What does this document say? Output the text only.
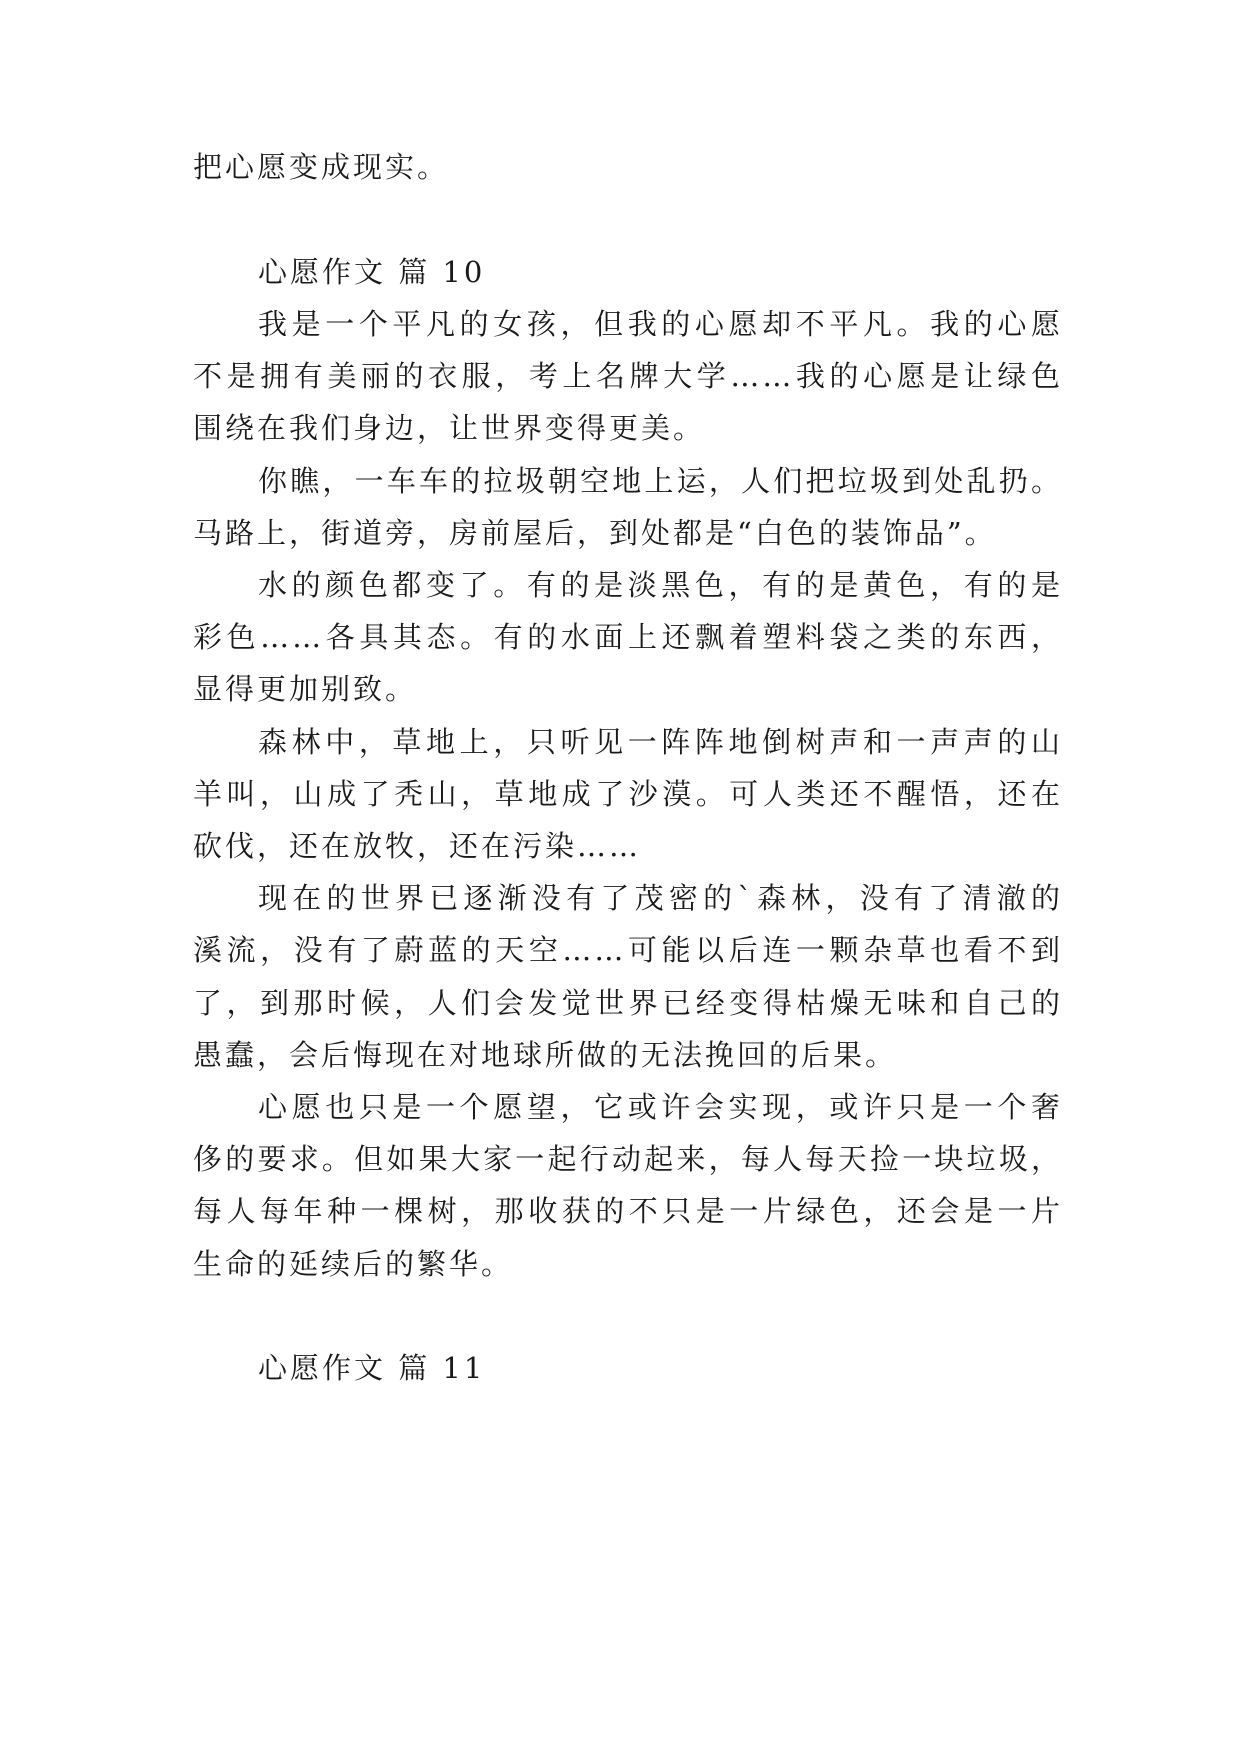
把心愿变成现实。
心愿作文 篇 10
我是一个平凡的女孩，但我的心愿却不平凡。我的心愿
不是拥有美丽的衣服，考上名牌大学……我的心愿是让绿色
围绕在我们身边，让世界变得更美。
你瞧，一车车的拉圾朝空地上运，人们把垃圾到处乱扔。
马路上，街道旁，房前屋后，到处都是“白色的装饰品”。
水的颜色都变了。有的是淡黑色，有的是黄色，有的是
彩色……各具其态。有的水面上还飘着塑料袋之类的东西，
显得更加别致。
森林中，草地上，只听见一阵阵地倒树声和一声声的山
羊叫，山成了秃山，草地成了沙漠。可人类还不醒悟，还在
砍伐，还在放牧，还在污染……
现在的世界已逐渐没有了茂密的`森林，没有了清澈的
溪流，没有了蔚蓝的天空……可能以后连一颗杂草也看不到
了，到那时候，人们会发觉世界已经变得枯燥无味和自己的
愚蠢，会后悔现在对地球所做的无法挽回的后果。
心愿也只是一个愿望，它或许会实现，或许只是一个奢
侈的要求。但如果大家一起行动起来，每人每天捡一块垃圾，
每人每年种一棵树，那收获的不只是一片绿色，还会是一片
生命的延续后的繁华。
心愿作文 篇 11
